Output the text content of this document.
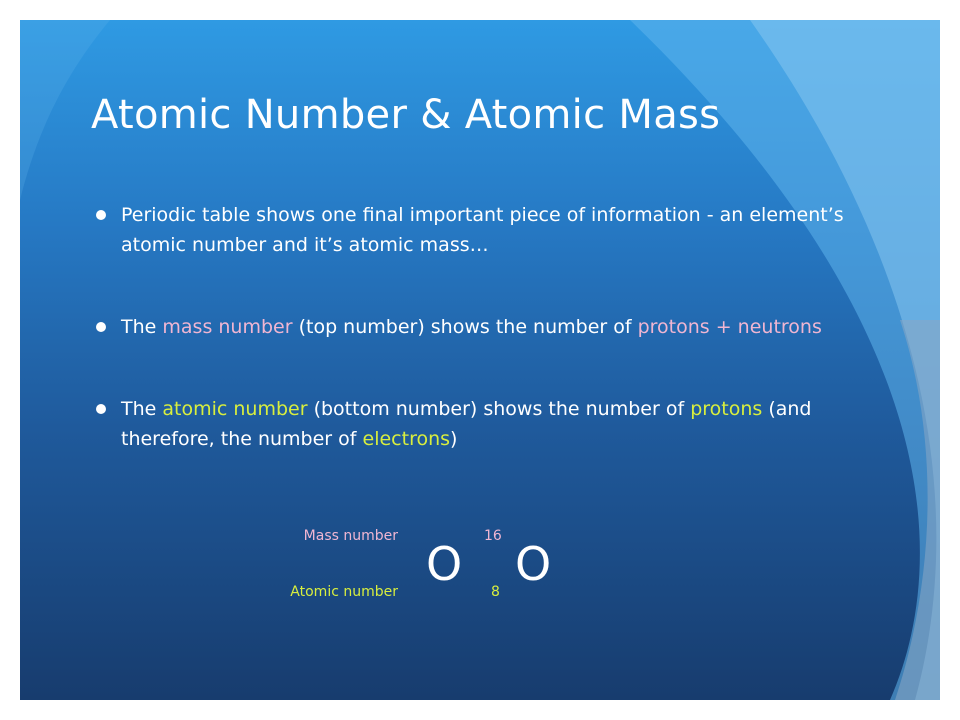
Atomic Number & Atomic Mass
Periodic table shows one final important piece of information - an element’s atomic number and it’s atomic mass…
The mass number (top number) shows the number of protons + neutrons
The atomic number (bottom number) shows the number of protons (and therefore, the number of electrons)
Mass number
Atomic number
O
16
8
O
